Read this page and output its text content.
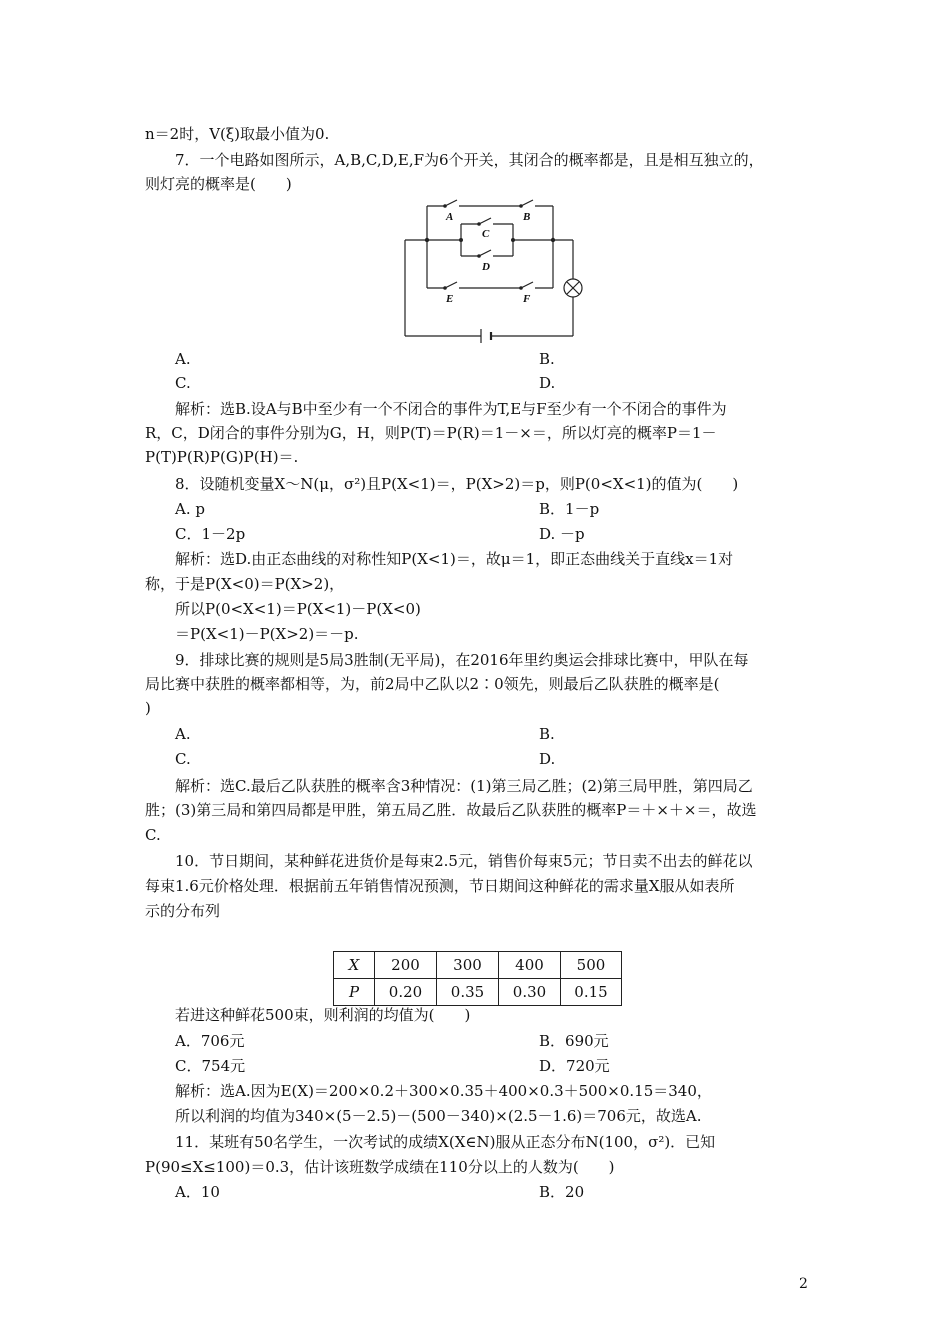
n＝2时，V(ξ)取最小值为0.
7．一个电路如图所示，A,B,C,D,E,F为6个开关，其闭合的概率都是，且是相互独立的，
则灯亮的概率是(　　)
A	B
C
D
E	F
A.	B.
C.	D.
解析：选B.设A与B中至少有一个不闭合的事件为T,E与F至少有一个不闭合的事件为
R，C，D闭合的事件分别为G，H，则P(T)＝P(R)＝1－×＝，所以灯亮的概率P＝1－
P(T)P(R)P(G)P(H)＝.
8．设随机变量X～N(μ，σ²)且P(X<1)＝，P(X>2)＝p，则P(0<X<1)的值为(　　)
A. p	B．1－p
C．1－2p	D. －p
解析：选D.由正态曲线的对称性知P(X<1)＝，故μ＝1，即正态曲线关于直线x＝1对
称，于是P(X<0)＝P(X>2)，
所以P(0<X<1)＝P(X<1)－P(X<0)
＝P(X<1)－P(X>2)＝－p.
9．排球比赛的规则是5局3胜制(无平局)，在2016年里约奥运会排球比赛中，甲队在每
局比赛中获胜的概率都相等，为，前2局中乙队以2∶0领先，则最后乙队获胜的概率是(
)
A.	B.
C.	D.
解析：选C.最后乙队获胜的概率含3种情况：(1)第三局乙胜；(2)第三局甲胜，第四局乙
胜；(3)第三局和第四局都是甲胜，第五局乙胜．故最后乙队获胜的概率P＝＋×＋×＝，故选
C.
10．节日期间，某种鲜花进货价是每束2.5元，销售价每束5元；节日卖不出去的鲜花以
每束1.6元价格处理．根据前五年销售情况预测，节日期间这种鲜花的需求量X服从如表所
示的分布列
X	200	300	400	500
P	0.20	0.35	0.30	0.15
若进这种鲜花500束，则利润的均值为(　　)
A．706元	B．690元
C．754元	D．720元
解析：选A.因为E(X)＝200×0.2＋300×0.35＋400×0.3＋500×0.15＝340，
所以利润的均值为340×(5－2.5)－(500－340)×(2.5－1.6)＝706元，故选A.
11．某班有50名学生，一次考试的成绩X(X∈N)服从正态分布N(100，σ²)．已知
P(90≤X≤100)＝0.3，估计该班数学成绩在110分以上的人数为(　　)
A．10	B．20
2
